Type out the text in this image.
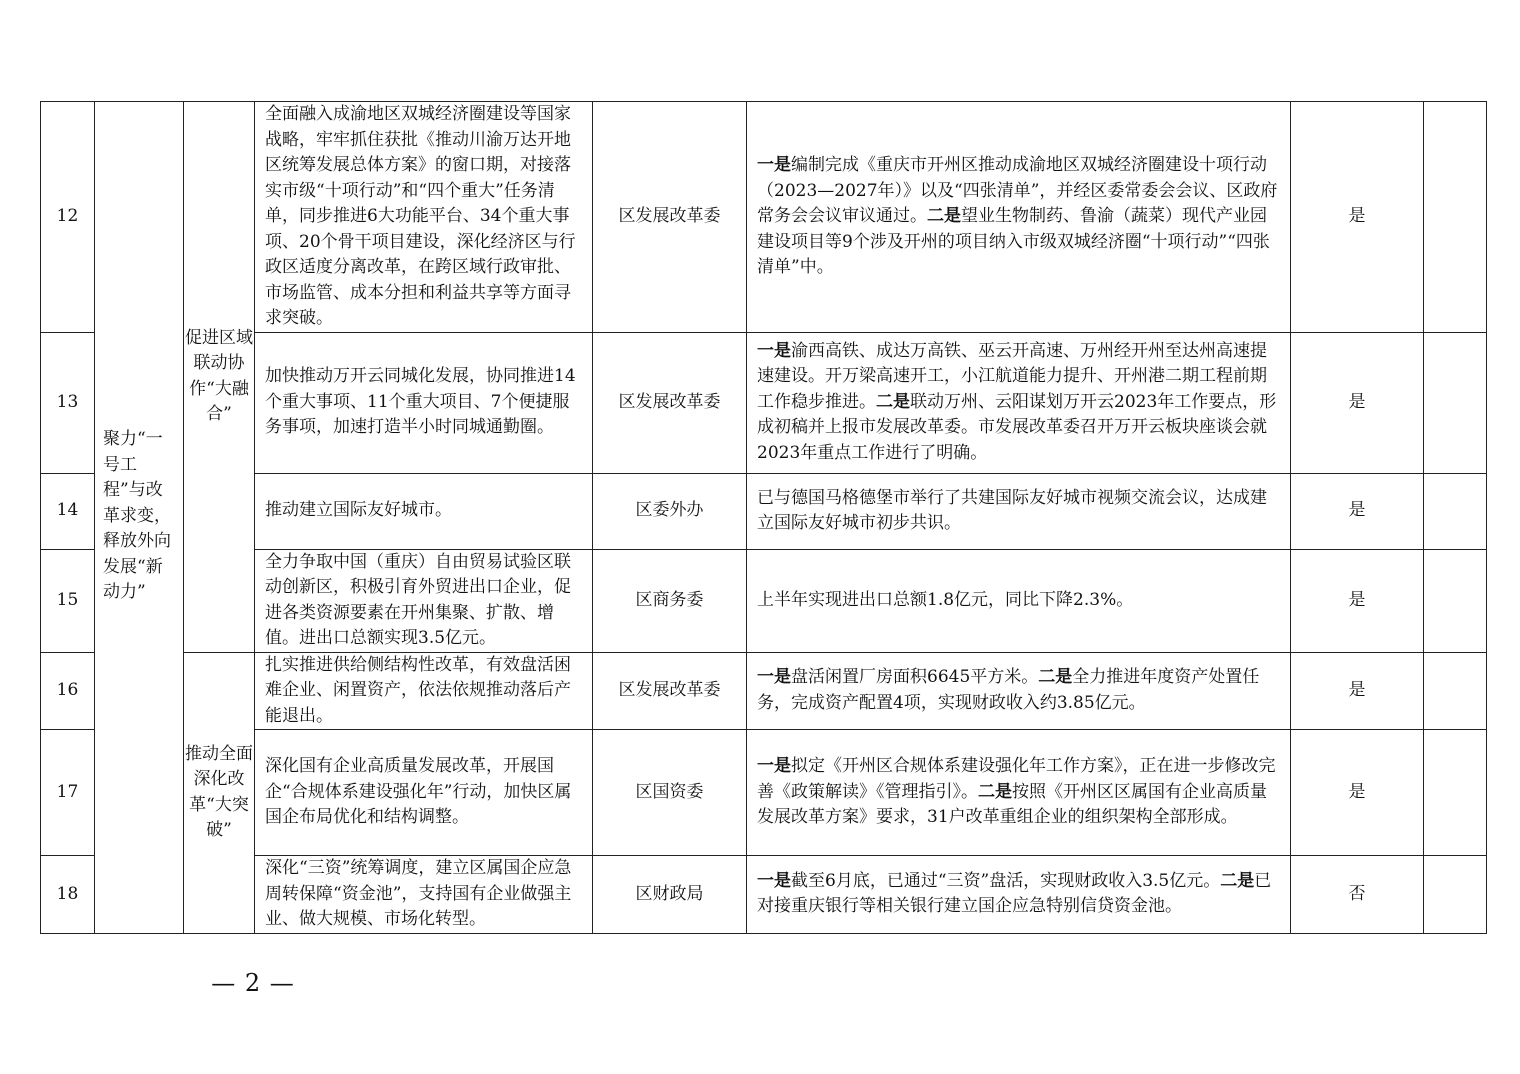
12	聚力“一号工程”与改革求变，释放外向发展“新动力”	促进区域联动协作“大融合”	全面融入成渝地区双城经济圈建设等国家战略，牢牢抓住获批《推动川渝万达开地区统筹发展总体方案》的窗口期，对接落实市级“十项行动”和“四个重大”任务清单，同步推进6大功能平台、34个重大事项、20个骨干项目建设，深化经济区与行政区适度分离改革，在跨区域行政审批、市场监管、成本分担和利益共享等方面寻求突破。	区发展改革委	一是编制完成《重庆市开州区推动成渝地区双城经济圈建设十项行动（2023—2027年）》以及“四张清单”，并经区委常委会会议、区政府常务会会议审议通过。二是望业生物制药、鲁渝（蔬菜）现代产业园建设项目等9个涉及开州的项目纳入市级双城经济圈“十项行动”“四张清单”中。	是	
13			加快推动万开云同城化发展，协同推进14个重大事项、11个重大项目、7个便捷服务事项，加速打造半小时同城通勤圈。	区发展改革委	一是渝西高铁、成达万高铁、巫云开高速、万州经开州至达州高速提速建设。开万梁高速开工，小江航道能力提升、开州港二期工程前期工作稳步推进。二是联动万州、云阳谋划万开云2023年工作要点，形成初稿并上报市发展改革委。市发展改革委召开万开云板块座谈会就2023年重点工作进行了明确。	是	
14			推动建立国际友好城市。	区委外办	已与德国马格德堡市举行了共建国际友好城市视频交流会议，达成建立国际友好城市初步共识。	是	
15			全力争取中国（重庆）自由贸易试验区联动创新区，积极引育外贸进出口企业，促进各类资源要素在开州集聚、扩散、增值。进出口总额实现3.5亿元。	区商务委	上半年实现进出口总额1.8亿元，同比下降2.3%。	是	
16		推动全面深化改革“大突破”	扎实推进供给侧结构性改革，有效盘活困难企业、闲置资产，依法依规推动落后产能退出。	区发展改革委	一是盘活闲置厂房面积6645平方米。二是全力推进年度资产处置任务，完成资产配置4项，实现财政收入约3.85亿元。	是	
17			深化国有企业高质量发展改革，开展国企“合规体系建设强化年”行动，加快区属国企布局优化和结构调整。	区国资委	一是拟定《开州区合规体系建设强化年工作方案》，正在进一步修改完善《政策解读》《管理指引》。二是按照《开州区区属国有企业高质量发展改革方案》要求，31户改革重组企业的组织架构全部形成。	是	
18			深化“三资”统筹调度，建立区属国企应急周转保障“资金池”，支持国有企业做强主业、做大规模、市场化转型。	区财政局	一是截至6月底，已通过“三资”盘活，实现财政收入3.5亿元。二是已对接重庆银行等相关银行建立国企应急特别信贷资金池。	否	
— 2 —
